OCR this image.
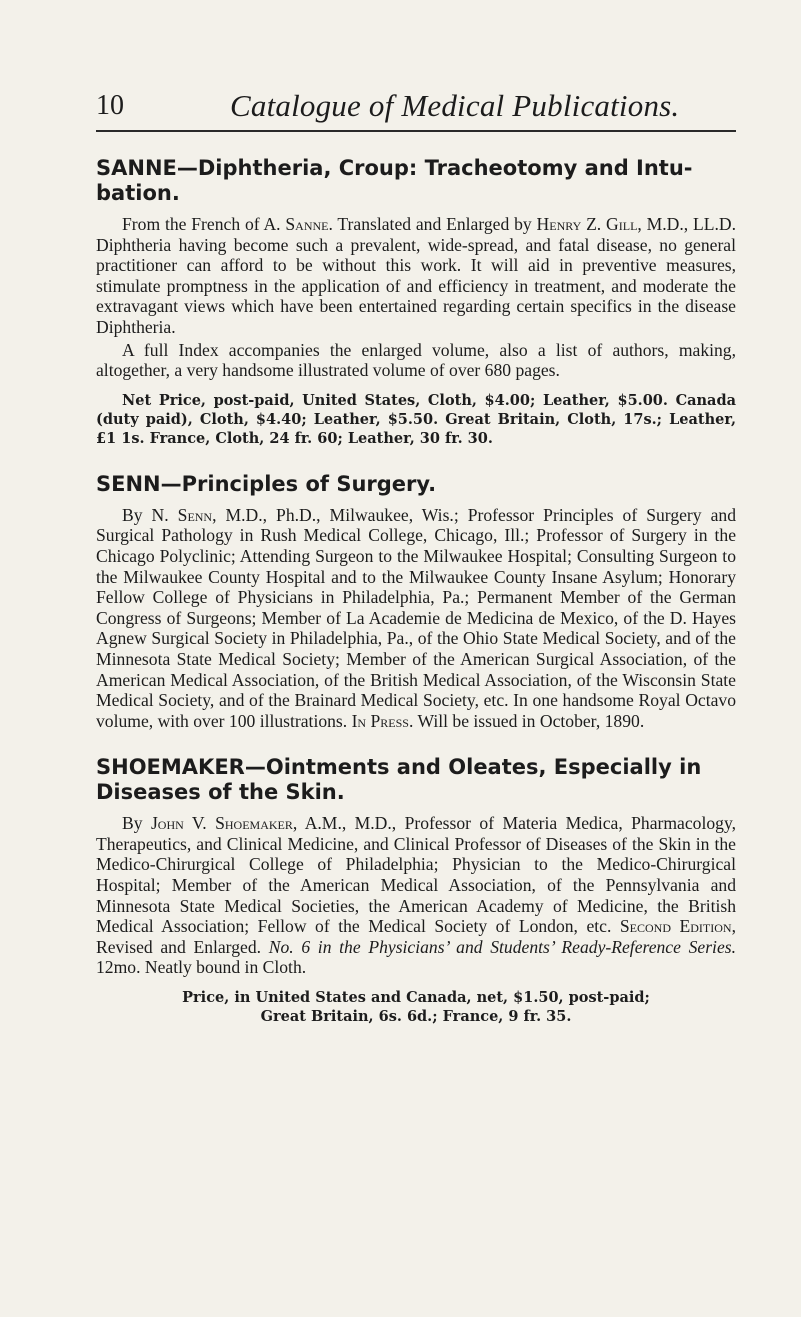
10	Catalogue of Medical Publications.
SANNE—Diphtheria, Croup: Tracheotomy and Intu-bation.

From the French of A. Sanne. Translated and Enlarged by Henry Z. Gill, M.D., LL.D. Diphtheria having become such a prevalent, wide-spread, and fatal disease, no general practitioner can afford to be without this work. It will aid in preventive measures, stimulate promptness in the application of and efficiency in treatment, and moderate the extravagant views which have been entertained regarding certain specifics in the disease Diphtheria.

A full Index accompanies the enlarged volume, also a list of authors, making, altogether, a very handsome illustrated volume of over 680 pages.

Net Price, post-paid, United States, Cloth, $4.00; Leather, $5.00. Canada (duty paid), Cloth, $4.40; Leather, $5.50. Great Britain, Cloth, 17s.; Leather, £1 1s. France, Cloth, 24 fr. 60; Leather, 30 fr. 30.

SENN—Principles of Surgery.

By N. Senn, M.D., Ph.D., Milwaukee, Wis.; Professor Principles of Surgery and Surgical Pathology in Rush Medical College, Chicago, Ill.; Professor of Surgery in the Chicago Polyclinic; Attending Surgeon to the Milwaukee Hospital; Consulting Surgeon to the Milwaukee County Hospital and to the Milwaukee County Insane Asylum; Honorary Fellow College of Physicians in Philadelphia, Pa.; Permanent Member of the German Congress of Surgeons; Member of La Academie de Medicina de Mexico, of the D. Hayes Agnew Surgical Society in Philadelphia, Pa., of the Ohio State Medical Society, and of the Minnesota State Medical Society; Member of the American Surgical Association, of the American Medical Association, of the British Medical Association, of the Wisconsin State Medical Society, and of the Brainard Medical Society, etc. In one handsome Royal Octavo volume, with over 100 illustrations. In Press. Will be issued in October, 1890.

SHOEMAKER—Ointments and Oleates, Especially in Diseases of the Skin.

By John V. Shoemaker, A.M., M.D., Professor of Materia Medica, Pharmacology, Therapeutics, and Clinical Medicine, and Clinical Professor of Diseases of the Skin in the Medico-Chirurgical College of Philadelphia; Physician to the Medico-Chirurgical Hospital; Member of the American Medical Association, of the Pennsylvania and Minnesota State Medical Societies, the American Academy of Medicine, the British Medical Association; Fellow of the Medical Society of London, etc. Second Edition, Revised and Enlarged. No. 6 in the Physicians’ and Students’ Ready-Reference Series. 12mo. Neatly bound in Cloth.

Price, in United States and Canada, net, $1.50, post-paid;
Great Britain, 6s. 6d.; France, 9 fr. 35.
